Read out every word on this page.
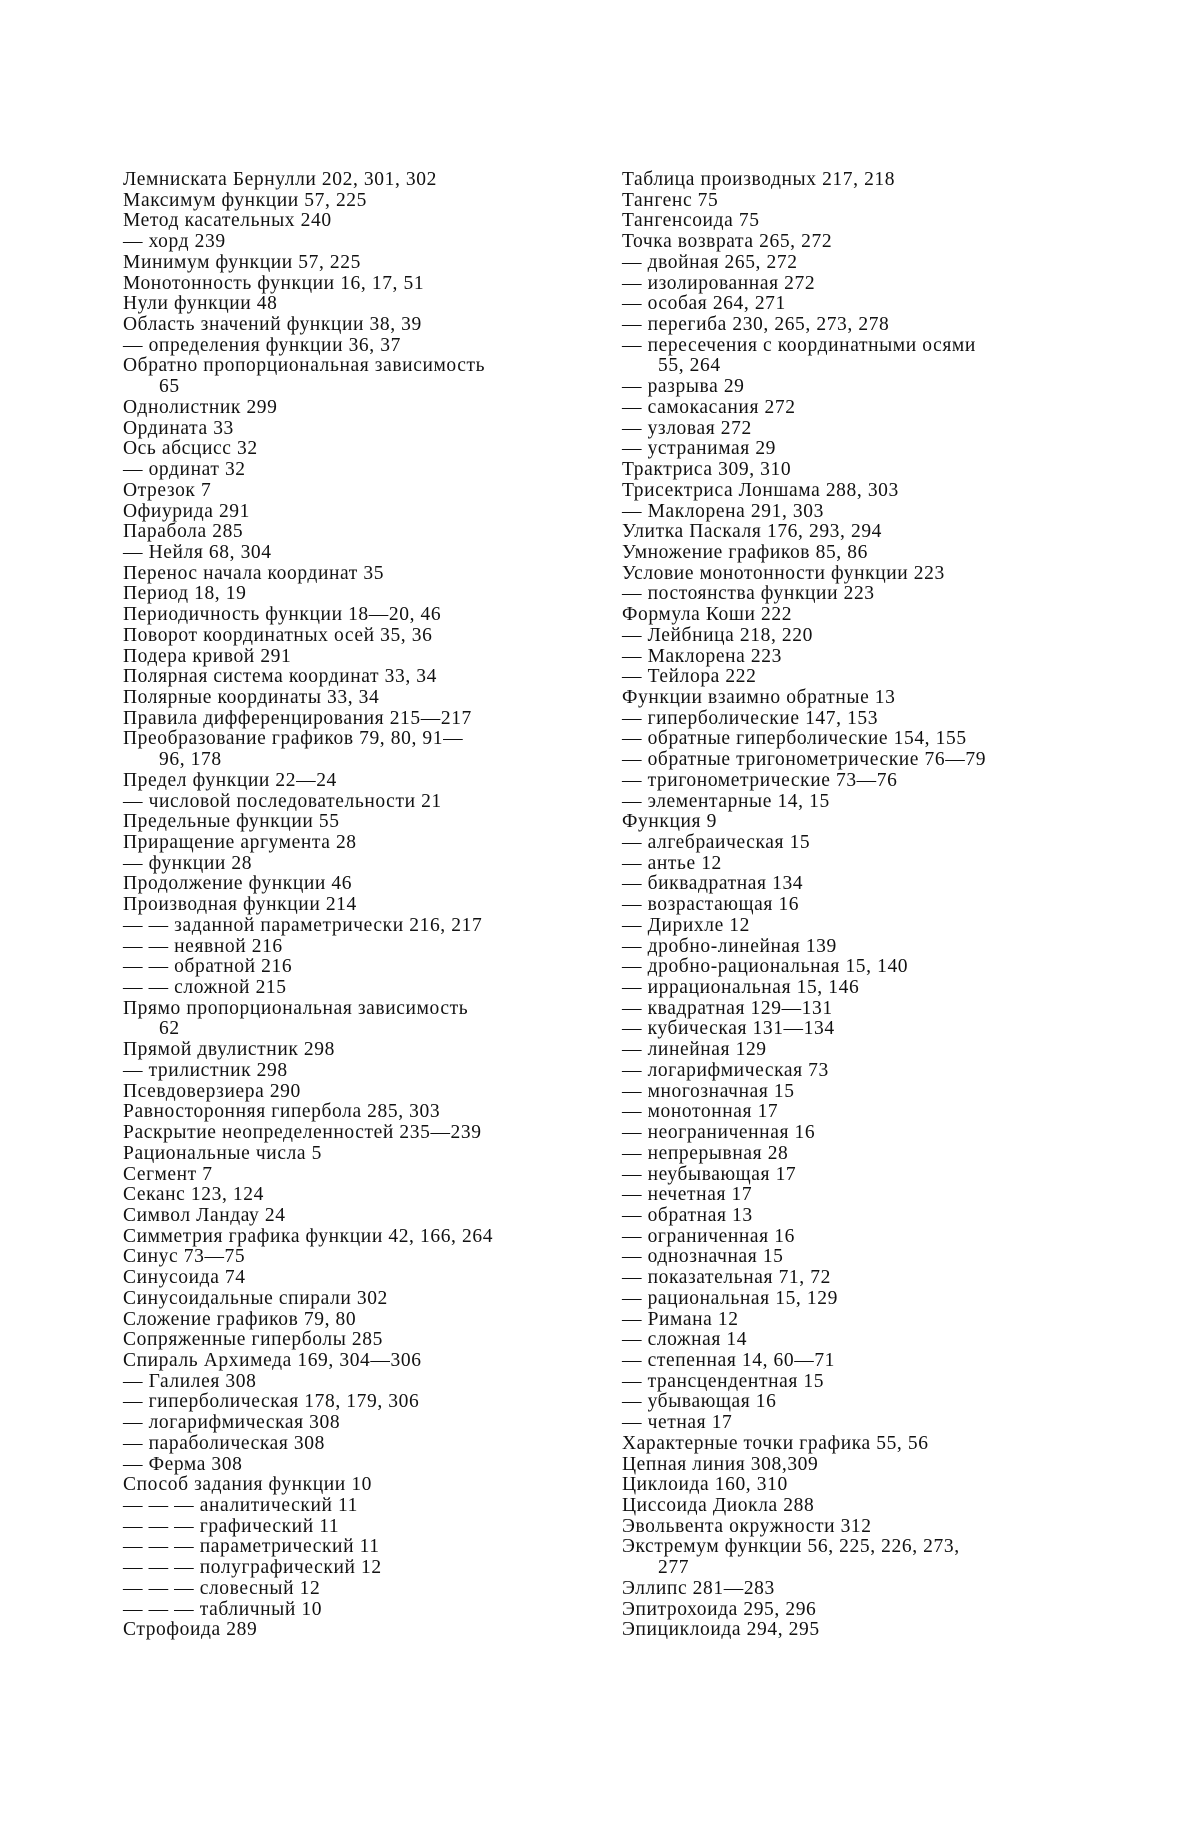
Лемниската Бернулли 202, 301, 302
Максимум функции 57, 225
Метод касательных 240
— хорд 239
Минимум функции 57, 225
Монотонность функции 16, 17, 51
Нули функции 48
Область значений функции 38, 39
— определения функции 36, 37
Обратно пропорциональная зависимость
65
Однолистник 299
Ордината 33
Ось абсцисс 32
— ординат 32
Отрезок 7
Офиурида 291
Парабола 285
— Нейля 68, 304
Перенос начала координат 35
Период 18, 19
Периодичность функции 18—20, 46
Поворот координатных осей 35, 36
Подера кривой 291
Полярная система координат 33, 34
Полярные координаты 33, 34
Правила дифференцирования 215—217
Преобразование графиков 79, 80, 91—
96, 178
Предел функции 22—24
— числовой последовательности 21
Предельные функции 55
Приращение аргумента 28
— функции 28
Продолжение функции 46
Производная функции 214
— — заданной параметрически 216, 217
— — неявной 216
— — обратной 216
— — сложной 215
Прямо пропорциональная зависимость
62
Прямой двулистник 298
— трилистник 298
Псевдоверзиера 290
Равносторонняя гипербола 285, 303
Раскрытие неопределенностей 235—239
Рациональные числа 5
Сегмент 7
Секанс 123, 124
Символ Ландау 24
Симметрия графика функции 42, 166, 264
Синус 73—75
Синусоида 74
Синусоидальные спирали 302
Сложение графиков 79, 80
Сопряженные гиперболы 285
Спираль Архимеда 169, 304—306
— Галилея 308
— гиперболическая 178, 179, 306
— логарифмическая 308
— параболическая 308
— Ферма 308
Способ задания функции 10
— — — аналитический 11
— — — графический 11
— — — параметрический 11
— — — полуграфический 12
— — — словесный 12
— — — табличный 10
Строфоида 289
Таблица производных 217, 218
Тангенс 75
Тангенсоида 75
Точка возврата 265, 272
— двойная 265, 272
— изолированная 272
— особая 264, 271
— перегиба 230, 265, 273, 278
— пересечения с координатными осями
55, 264
— разрыва 29
— самокасания 272
— узловая 272
— устранимая 29
Трактриса 309, 310
Трисектриса Лоншама 288, 303
— Маклорена 291, 303
Улитка Паскаля 176, 293, 294
Умножение графиков 85, 86
Условие монотонности функции 223
— постоянства функции 223
Формула Коши 222
— Лейбница 218, 220
— Маклорена 223
— Тейлора 222
Функции взаимно обратные 13
— гиперболические 147, 153
— обратные гиперболические 154, 155
— обратные тригонометрические 76—79
— тригонометрические 73—76
— элементарные 14, 15
Функция 9
— алгебраическая 15
— антье 12
— биквадратная 134
— возрастающая 16
— Дирихле 12
— дробно-линейная 139
— дробно-рациональная 15, 140
— иррациональная 15, 146
— квадратная 129—131
— кубическая 131—134
— линейная 129
— логарифмическая 73
— многозначная 15
— монотонная 17
— неограниченная 16
— непрерывная 28
— неубывающая 17
— нечетная 17
— обратная 13
— ограниченная 16
— однозначная 15
— показательная 71, 72
— рациональная 15, 129
— Римана 12
— сложная 14
— степенная 14, 60—71
— трансцендентная 15
— убывающая 16
— четная 17
Характерные точки графика 55, 56
Цепная линия 308,309
Циклоида 160, 310
Циссоида Диокла 288
Эвольвента окружности 312
Экстремум функции 56, 225, 226, 273,
277
Эллипс 281—283
Эпитрохоида 295, 296
Эпициклоида 294, 295
